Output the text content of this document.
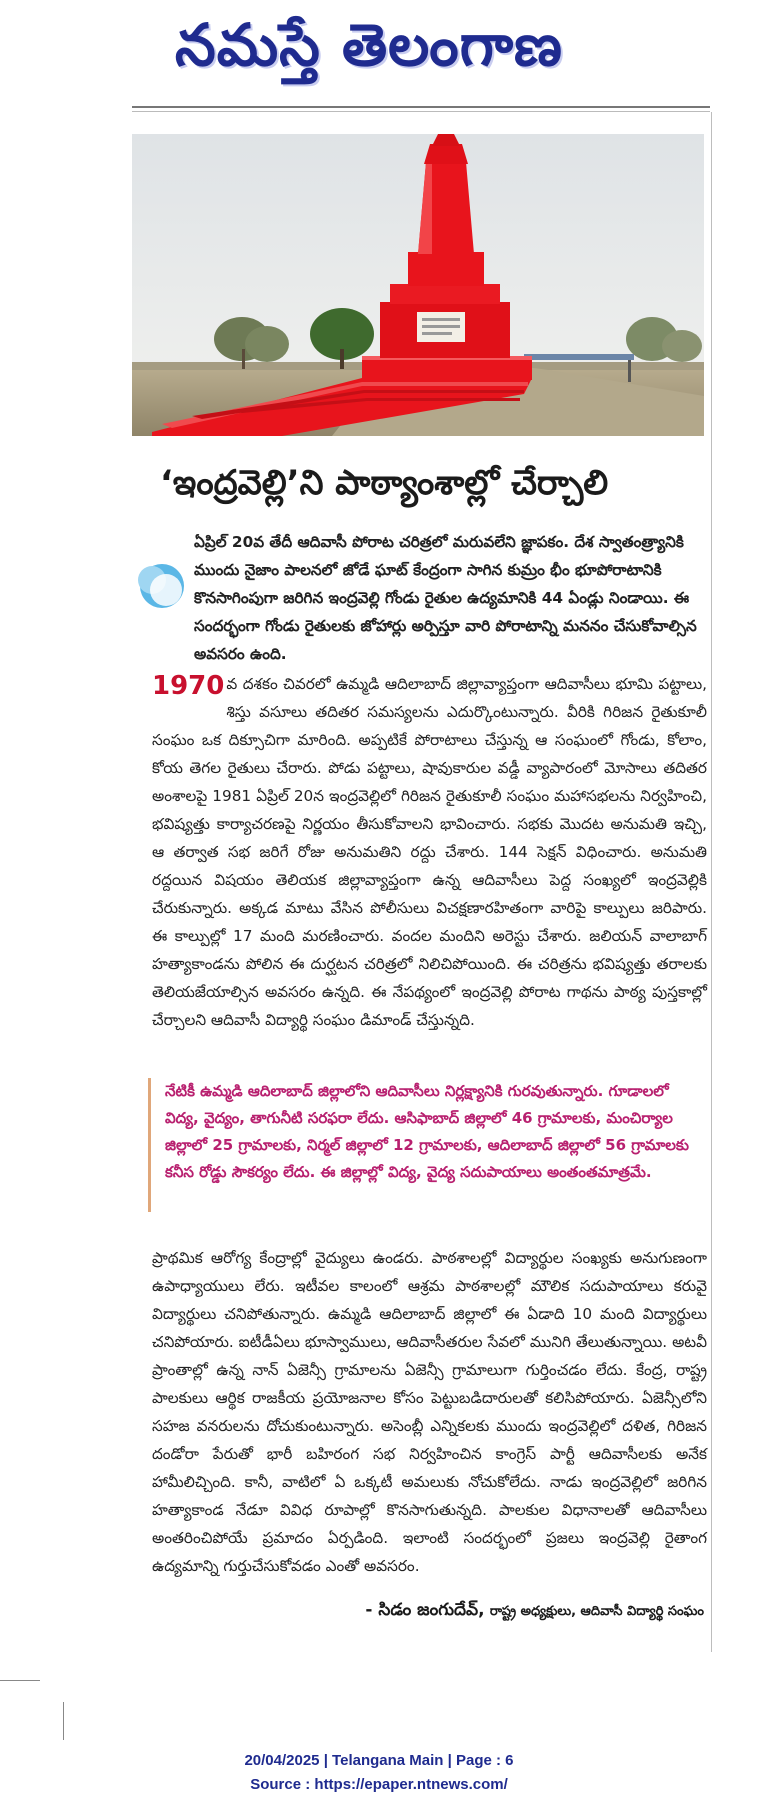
నమస్తే తెలంగాణ
‘ఇంద్రవెల్లి’ని పాఠ్యాంశాల్లో చేర్చాలి
ఏప్రిల్ 20వ తేదీ ఆదివాసీ పోరాట చరిత్రలో మరువలేని జ్ఞాపకం. దేశ స్వాతంత్ర్యానికి ముందు నైజాం పాలనలో జోడే ఘాట్ కేంద్రంగా సాగిన కుమ్రం భీం భూపోరాటానికి కొనసాగింపుగా జరిగిన ఇంద్రవెల్లి గోండు రైతుల ఉద్యమానికి 44 ఏండ్లు నిండాయి. ఈ సందర్భంగా గోండు రైతులకు జోహార్లు అర్పిస్తూ వారి పోరాటాన్ని మననం చేసుకోవాల్సిన అవసరం ఉంది.
1970 వ దశకం చివరలో ఉమ్మడి ఆదిలాబాద్ జిల్లావ్యాప్తంగా ఆదివాసీలు భూమి పట్టాలు, శిస్తు వసూలు తదితర సమస్యలను ఎదుర్కొంటున్నారు. వీరికి గిరిజన రైతుకూలీ సంఘం ఒక దిక్సూచిగా మారింది. అప్పటికే పోరాటాలు చేస్తున్న ఆ సంఘంలో గోండు, కోలాం, కోయ తెగల రైతులు చేరారు. పోడు పట్టాలు, షావుకారుల వడ్డీ వ్యాపారంలో మోసాలు తదితర అంశాలపై 1981 ఏప్రిల్ 20న ఇంద్రవెల్లిలో గిరిజన రైతుకూలీ సంఘం మహాసభలను నిర్వహించి, భవిష్యత్తు కార్యాచరణపై నిర్ణయం తీసుకోవాలని భావించారు. సభకు మొదట అనుమతి ఇచ్చి, ఆ తర్వాత సభ జరిగే రోజు అనుమతిని రద్దు చేశారు. 144 సెక్షన్ విధించారు. అనుమతి రద్దయిన విషయం తెలియక జిల్లావ్యాప్తంగా ఉన్న ఆదివాసీలు పెద్ద సంఖ్యలో ఇంద్రవెల్లికి చేరుకున్నారు. అక్కడ మాటు వేసిన పోలీసులు విచక్షణారహితంగా వారిపై కాల్పులు జరిపారు. ఈ కాల్పుల్లో 17 మంది మరణించారు. వందల మందిని అరెస్టు చేశారు. జలియన్ వాలాబాగ్ హత్యాకాండను పోలిన ఈ దుర్ఘటన చరిత్రలో నిలిచిపోయింది. ఈ చరిత్రను భవిష్యత్తు తరాలకు తెలియజేయాల్సిన అవసరం ఉన్నది. ఈ నేపథ్యంలో ఇంద్రవెల్లి పోరాట గాథను పాఠ్య పుస్తకాల్లో చేర్చాలని ఆదివాసీ విద్యార్థి సంఘం డిమాండ్ చేస్తున్నది.

నేటికీ ఉమ్మడి ఆదిలాబాద్ జిల్లాలోని ఆదివాసీలు నిర్లక్ష్యానికి గురవుతున్నారు. గూడాలలో విద్య, వైద్యం, తాగునీటి సరఫరా లేదు. ఆసిఫాబాద్ జిల్లాలో 46 గ్రామాలకు, మంచిర్యాల జిల్లాలో 25 గ్రామాలకు, నిర్మల్ జిల్లాలో 12 గ్రామాలకు, ఆదిలాబాద్ జిల్లాలో 56 గ్రామాలకు కనీస రోడ్డు సౌకర్యం లేదు. ఈ జిల్లాల్లో విద్య, వైద్య సదుపాయాలు అంతంతమాత్రమే.

ప్రాథమిక ఆరోగ్య కేంద్రాల్లో వైద్యులు ఉండరు. పాఠశాలల్లో విద్యార్థుల సంఖ్యకు అనుగుణంగా ఉపాధ్యాయులు లేరు. ఇటీవల కాలంలో ఆశ్రమ పాఠశాలల్లో మౌలిక సదుపాయాలు కరువై విద్యార్థులు చనిపోతున్నారు. ఉమ్మడి ఆదిలాబాద్ జిల్లాలో ఈ ఏడాది 10 మంది విద్యార్థులు చనిపోయారు. ఐటీడీఏలు భూస్వాములు, ఆదివాసీతరుల సేవలో మునిగి తేలుతున్నాయి. అటవీ ప్రాంతాల్లో ఉన్న నాన్ ఏజెన్సీ గ్రామాలను ఏజెన్సీ గ్రామాలుగా గుర్తించడం లేదు. కేంద్ర, రాష్ట్ర పాలకులు ఆర్థిక రాజకీయ ప్రయోజనాల కోసం పెట్టుబడిదారులతో కలిసిపోయారు. ఏజెన్సీలోని సహజ వనరులను దోచుకుంటున్నారు. అసెంబ్లీ ఎన్నికలకు ముందు ఇంద్రవెల్లిలో దళిత, గిరిజన దండోరా పేరుతో భారీ బహిరంగ సభ నిర్వహించిన కాంగ్రెస్ పార్టీ ఆదివాసీలకు అనేక హామీలిచ్చింది. కానీ, వాటిలో ఏ ఒక్కటీ అమలుకు నోచుకోలేదు. నాడు ఇంద్రవెల్లిలో జరిగిన హత్యాకాండ నేడూ వివిధ రూపాల్లో కొనసాగుతున్నది. పాలకుల విధానాలతో ఆదివాసీలు అంతరించిపోయే ప్రమాదం ఏర్పడింది. ఇలాంటి సందర్భంలో ప్రజలు ఇంద్రవెల్లి రైతాంగ ఉద్యమాన్ని గుర్తుచేసుకోవడం ఎంతో అవసరం.
- సిడం జంగుదేవ్, రాష్ట్ర అధ్యక్షులు, ఆదివాసీ విద్యార్థి సంఘం
20/04/2025 | Telangana Main | Page : 6
Source : https://epaper.ntnews.com/
